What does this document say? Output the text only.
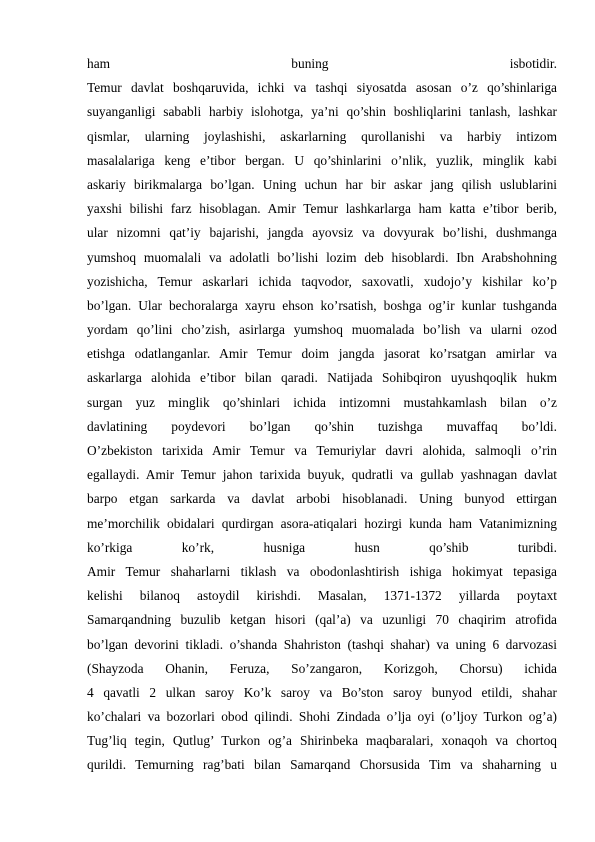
ham buning isbotidir.
Temur davlat boshqaruvida, ichki va tashqi siyosatda asosan o’z qo’shinlariga
suyanganligi sababli harbiy islohotga, ya’ni qo’shin boshliqlarini tanlash, lashkar
qismlar, ularning joylashishi, askarlarning qurollanishi va harbiy intizom
masalalariga keng e’tibor bergan. U qo’shinlarini o’nlik, yuzlik, minglik kabi
askariy birikmalarga bo’lgan. Uning uchun har bir askar jang qilish uslublarini
yaxshi bilishi farz hisoblagan. Amir Temur lashkarlarga ham katta e’tibor berib,
ular nizomni qat’iy bajarishi, jangda ayovsiz va dovyurak bo’lishi, dushmanga
yumshoq muomalali va adolatli bo’lishi lozim deb hisoblardi. Ibn Arabshohning
yozishicha, Temur askarlari ichida taqvodor, saxovatli, xudojo’y kishilar ko’p
bo’lgan. Ular bechoralarga xayru ehson ko’rsatish, boshga og’ir kunlar tushganda
yordam qo’lini cho’zish, asirlarga yumshoq muomalada bo’lish va ularni ozod
etishga odatlanganlar. Amir Temur doim jangda jasorat ko’rsatgan amirlar va
askarlarga alohida e’tibor bilan qaradi. Natijada Sohibqiron uyushqoqlik hukm
surgan yuz minglik qo’shinlari ichida intizomni mustahkamlash bilan o’z
davlatining poydevori bo’lgan qo’shin tuzishga muvaffaq bo’ldi.
O’zbekiston tarixida Amir Temur va Temuriylar davri alohida, salmoqli o’rin
egallaydi. Amir Temur jahon tarixida buyuk, qudratli va gullab yashnagan davlat
barpo etgan sarkarda va davlat arbobi hisoblanadi. Uning bunyod ettirgan
me’morchilik obidalari qurdirgan asora-atiqalari hozirgi kunda ham Vatanimizning
ko’rkiga ko’rk, husniga husn qo’shib turibdi.
Amir Temur shaharlarni tiklash va obodonlashtirish ishiga hokimyat tepasiga
kelishi bilanoq astoydil kirishdi. Masalan, 1371-1372 yillarda poytaxt
Samarqandning buzulib ketgan hisori (qal’a) va uzunligi 70 chaqirim atrofida
bo’lgan devorini tikladi. o’shanda Shahriston (tashqi shahar) va uning 6 darvozasi
(Shayzoda Ohanin, Feruza, So’zangaron, Korizgoh, Chorsu) ichida
4 qavatli 2 ulkan saroy Ko’k saroy va Bo’ston saroy bunyod etildi, shahar
ko’chalari va bozorlari obod qilindi. Shohi Zindada o’lja oyi (o’ljoy Turkon og’a)
Tug’liq tegin, Qutlug’ Turkon og’a Shirinbeka maqbaralari, xonaqoh va chortoq
qurildi. Temurning rag’bati bilan Samarqand Chorsusida Tim va shaharning u
